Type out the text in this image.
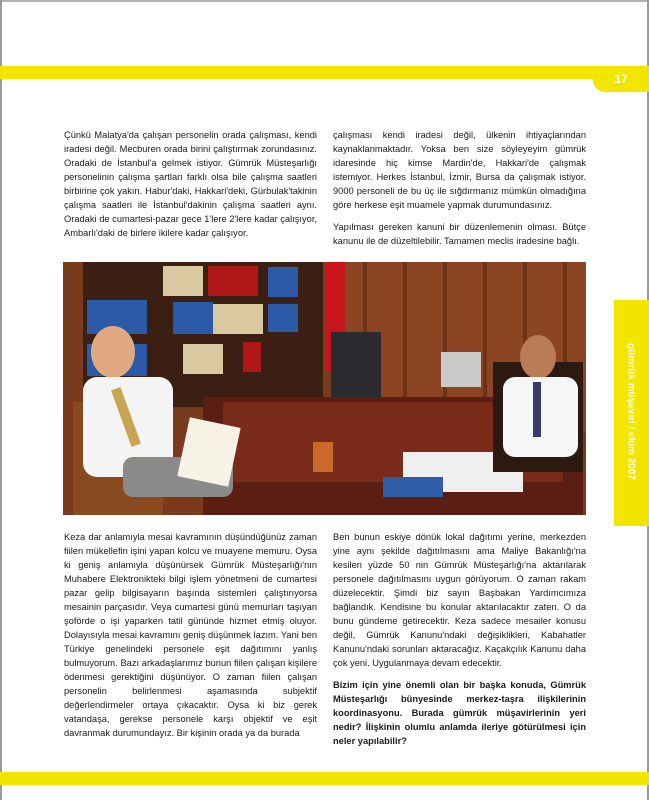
17
gümrük müşaviri / ekim 2007

Çünkü Malatya'da çalışan personelin orada çalışması, kendi iradesi değil. Mecburen orada birini çalıştırmak zorundasınız. Oradaki de İstanbul'a gelmek istiyor. Gümrük Müsteşarlığı personelinin çalışma şartları farklı olsa bile çalışma saatleri birbirine çok yakın. Habur'daki, Hakkari'deki, Gürbulak'takinin çalışma saatleri ile İstanbul'dakinin çalışma saatleri aynı. Oradaki de cumartesi-pazar gece 1'lere 2'lere kadar çalışıyor, Ambarlı'daki de birlere ikilere kadar çalışıyor.

çalışması kendi iradesi değil, ülkenin ihtiyaçlarından kaynaklanmaktadır. Yoksa ben size söyleyeyim gümrük idaresinde hiç kimse Mardin'de, Hakkari'de çalışmak istemiyor. Herkes İstanbul, İzmir, Bursa da çalışmak istiyor. 9000 personeli de bu üç ile sığdırmanız mümkün olmadığına göre herkese eşit muamele yapmak durumundasınız.

Yapılması gereken kanuni bir düzenlemenin olması. Bütçe kanunu ile de düzeltilebilir. Tamamen meclis iradesine bağlı.

Keza dar anlamıyla mesai kavramının düşündüğünüz zaman fiilen mükellefin işini yapan kolcu ve muayene memuru. Oysa ki geniş anlamıyla düşünürsek Gümrük Müsteşarlığı'nın Muhabere Elektronikteki bilgi işlem yönetmeni de cumartesi pazar gelip bilgisayarın başında sistemleri çalıştırıyorsa mesainin parçasıdır. Veya cumartesi günü memurları taşıyan şoförde o işi yaparken tatil gününde hizmet etmiş oluyor. Dolayısıyla mesai kavramını geniş düşünmek lazım. Yani ben Türkiye genelindeki personele eşit dağıtımını yanlış bulmuyorum. Bazı arkadaşlarımız bunun fiilen çalışan kişilere ödenmesi gerektiğini düşünüyor. O zaman fiilen çalışan personelin belirlenmesi aşamasında subjektif değerlendirmeler ortaya çıkacaktır. Oysa ki biz gerek vatandaşa, gerekse personele karşı objektif ve eşit davranmak durumundayız. Bir kişinin orada ya da burada

Ben bunun eskiye dönük lokal dağıtımı yerine, merkezden yine aynı şekilde dağıtılmasını ama Maliye Bakanlığı'na kesilen yüzde 50 nin Gümrük Müsteşarlığı'na aktarılarak personele dağıtılmasını uygun görüyorum. O zaman rakam düzelecektir. Şimdi biz sayın Başbakan Yardımcımıza bağlandık. Kendisine bu konular aktarılacaktır zaten. O da bunu gündeme getirecektir. Keza sadece mesailer konusu değil, Gümrük Kanunu'ndaki değişiklikleri, Kabahatler Kanunu'ndaki sorunları aktaracağız. Kaçakçılık Kanunu daha çok yeni. Uygulanmaya devam edecektir.

Bizim için yine önemli olan bir başka konuda, Gümrük Müsteşarlığı bünyesinde merkez-taşra ilişkilerinin koordinasyonu. Burada gümrük müşavirlerinin yeri nedir? İlişkinin olumlu anlamda ileriye götürülmesi için neler yapılabilir?
